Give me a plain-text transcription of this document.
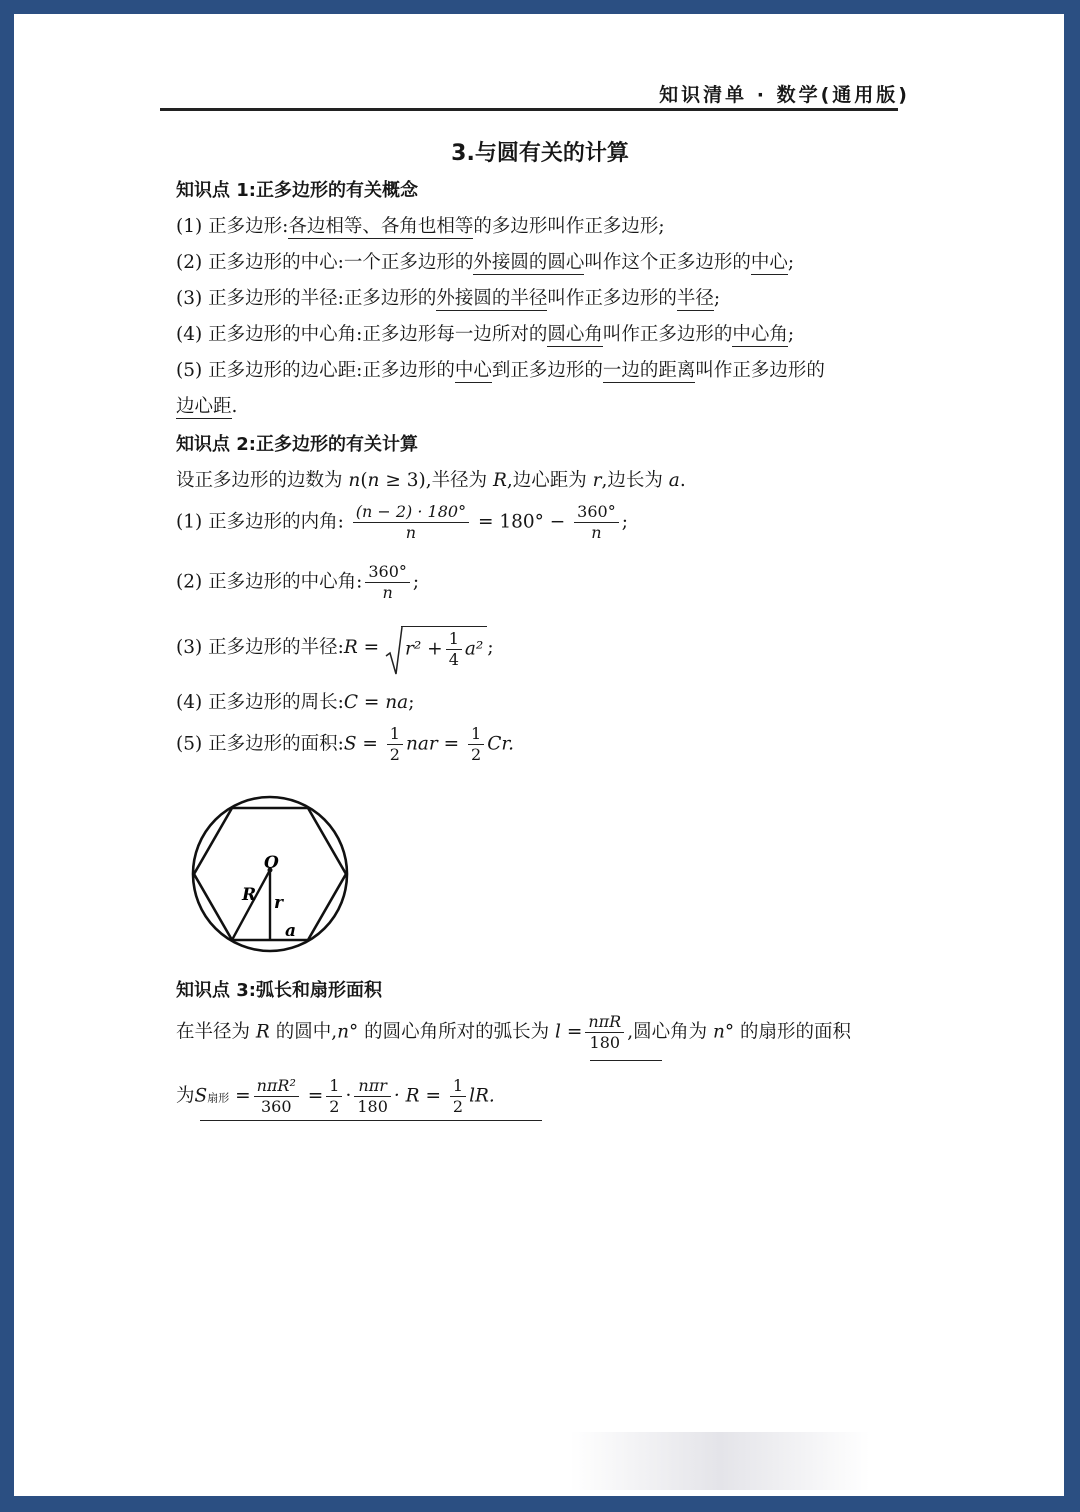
知识清单 · 数学(通用版)
3.与圆有关的计算
知识点 1:正多边形的有关概念
(1) 正多边形:各边相等、各角也相等的多边形叫作正多边形;
(2) 正多边形的中心:一个正多边形的外接圆的圆心叫作这个正多边形的中心;
(3) 正多边形的半径:正多边形的外接圆的半径叫作正多边形的半径;
(4) 正多边形的中心角:正多边形每一边所对的圆心角叫作正多边形的中心角;
(5) 正多边形的边心距:正多边形的中心到正多边形的一边的距离叫作正多边形的
边心距.
知识点 2:正多边形的有关计算
设正多边形的边数为 n(n ≥ 3),半径为 R,边心距为 r,边长为 a.
(1) 正多边形的内角: $\frac{(n - 2) \cdot 180^\circ}{n} = 180^\circ - \frac{360^\circ}{n}$ ;
(2) 正多边形的中心角: $\frac{360^\circ}{n}$ ;
(3) 正多边形的半径:R = $r^2 + \frac{1}{4} a^2$ ;
(4) 正多边形的周长:C = na;
(5) 正多边形的面积:S = $\frac{1}{2}$ nar = $\frac{1}{2} Cr$.
O
R r
a
知识点 3:弧长和扇形面积
在半径为 R 的圆中,n° 的圆心角所对的弧长为 $l = \frac{\text{nπR}}{180}$ ,圆心角为 n° 的扇形的面积
为S扇形 = $\frac{\text{nπR²}}{360} = \frac{1}{2} \cdot \frac{\text{nπr}}{180} \cdot R = \frac{1}{2}$ lR.
